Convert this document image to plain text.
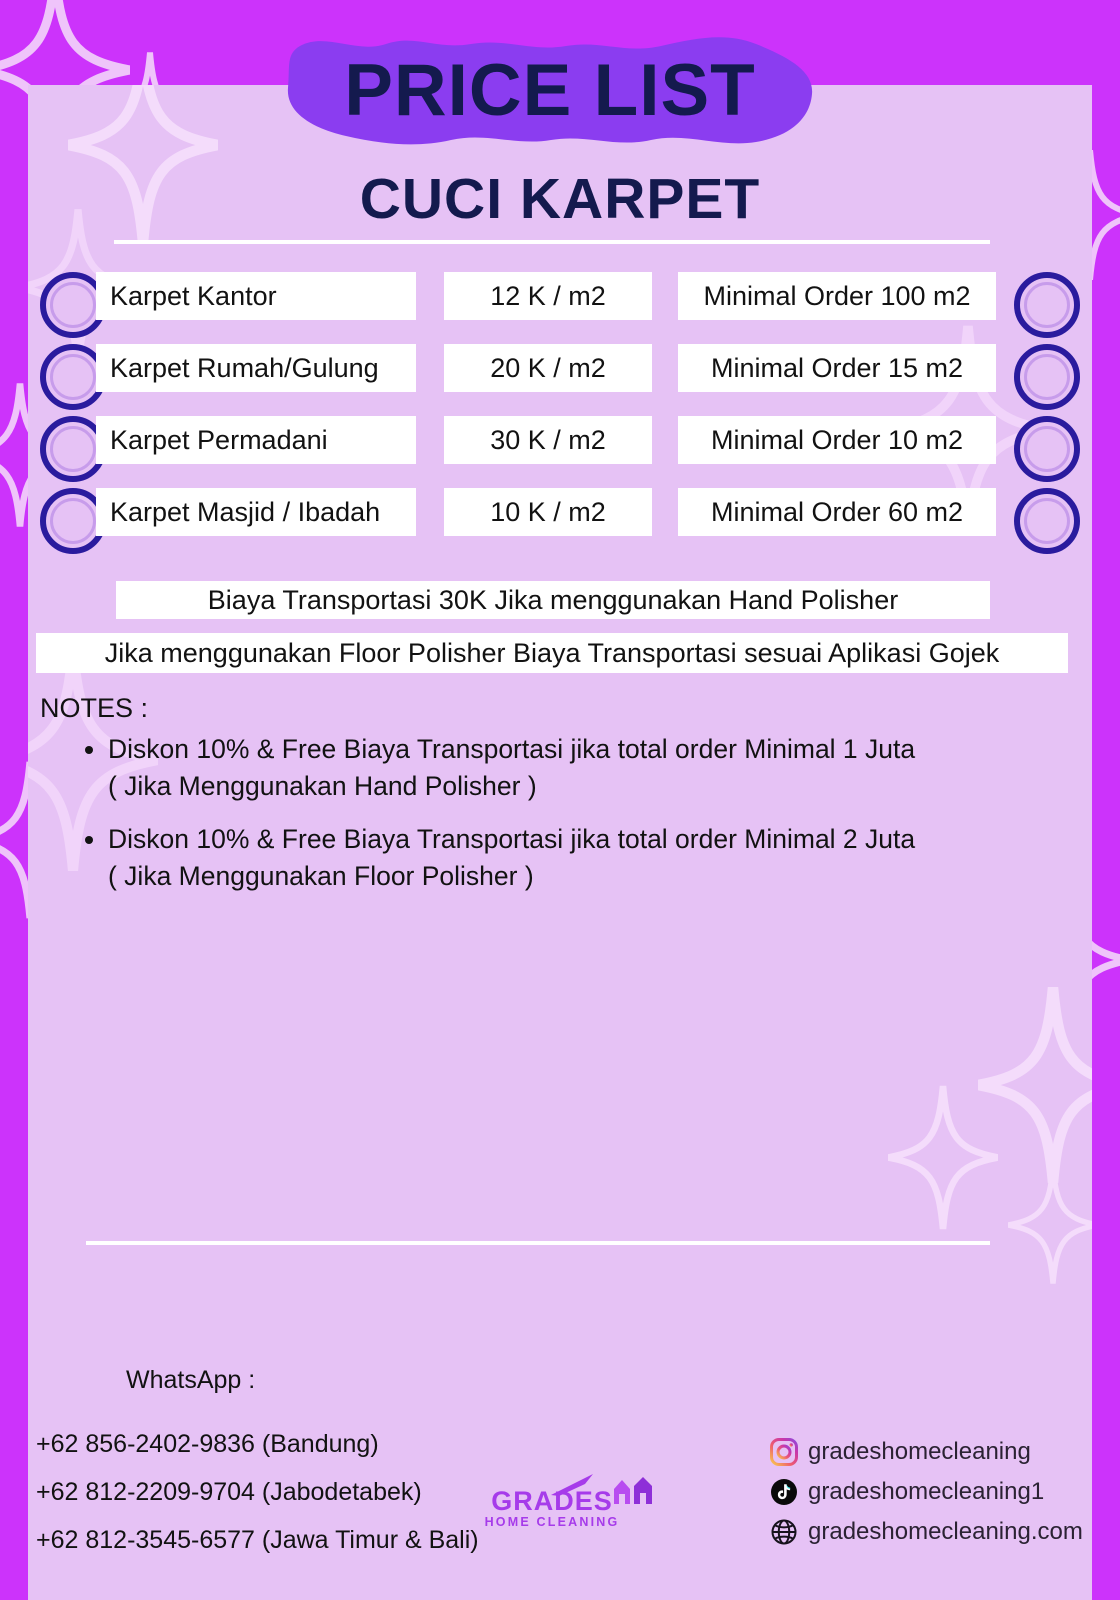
PRICE LIST
CUCI KARPET
Karpet Kantor	12 K / m2	Minimal Order 100 m2
Karpet Rumah/Gulung	20 K / m2	Minimal Order 15 m2
Karpet Permadani	30 K / m2	Minimal Order 10 m2
Karpet Masjid / Ibadah	10 K / m2	Minimal Order 60 m2
Biaya Transportasi 30K Jika menggunakan Hand Polisher
Jika menggunakan Floor Polisher Biaya Transportasi sesuai Aplikasi Gojek
NOTES :
• Diskon 10% & Free Biaya Transportasi jika total order Minimal 1 Juta
( Jika Menggunakan Hand Polisher )
• Diskon 10% & Free Biaya Transportasi jika total order Minimal 2 Juta
( Jika Menggunakan Floor Polisher )
WhatsApp :
+62 856-2402-9836 (Bandung)
+62 812-2209-9704 (Jabodetabek)
+62 812-3545-6577 (Jawa Timur & Bali)
gradeshomecleaning
gradeshomecleaning1
gradeshomecleaning.com
GRADES
HOME CLEANING
